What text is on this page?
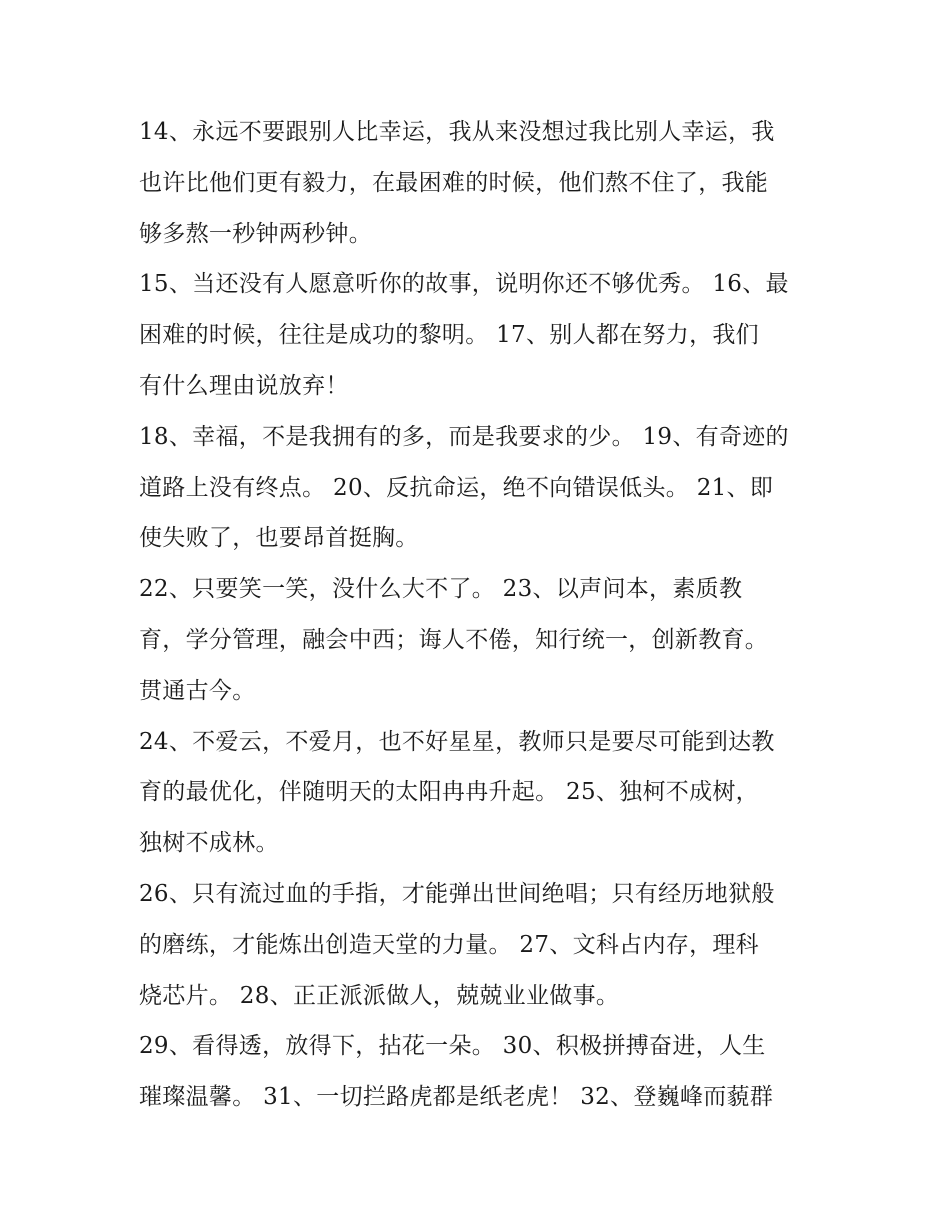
14、永远不要跟别人比幸运，我从来没想过我比别人幸运，我
也许比他们更有毅力，在最困难的时候，他们熬不住了，我能
够多熬一秒钟两秒钟。
15、当还没有人愿意听你的故事，说明你还不够优秀。 16、最
困难的时候，往往是成功的黎明。 17、别人都在努力，我们
有什么理由说放弃！
18、幸福，不是我拥有的多，而是我要求的少。 19、有奇迹的
道路上没有终点。 20、反抗命运，绝不向错误低头。 21、即
使失败了，也要昂首挺胸。
22、只要笑一笑，没什么大不了。 23、以声问本，素质教
育，学分管理，融会中西；诲人不倦，知行统一，创新教育。
贯通古今。
24、不爱云，不爱月，也不好星星，教师只是要尽可能到达教
育的最优化，伴随明天的太阳冉冉升起。 25、独柯不成树，
独树不成林。
26、只有流过血的手指，才能弹出世间绝唱；只有经历地狱般
的磨练，才能炼出创造天堂的力量。 27、文科占内存，理科
烧芯片。 28、正正派派做人，兢兢业业做事。
29、看得透，放得下，拈花一朵。 30、积极拼搏奋进，人生
璀璨温馨。 31、一切拦路虎都是纸老虎！ 32、登巍峰而藐群
